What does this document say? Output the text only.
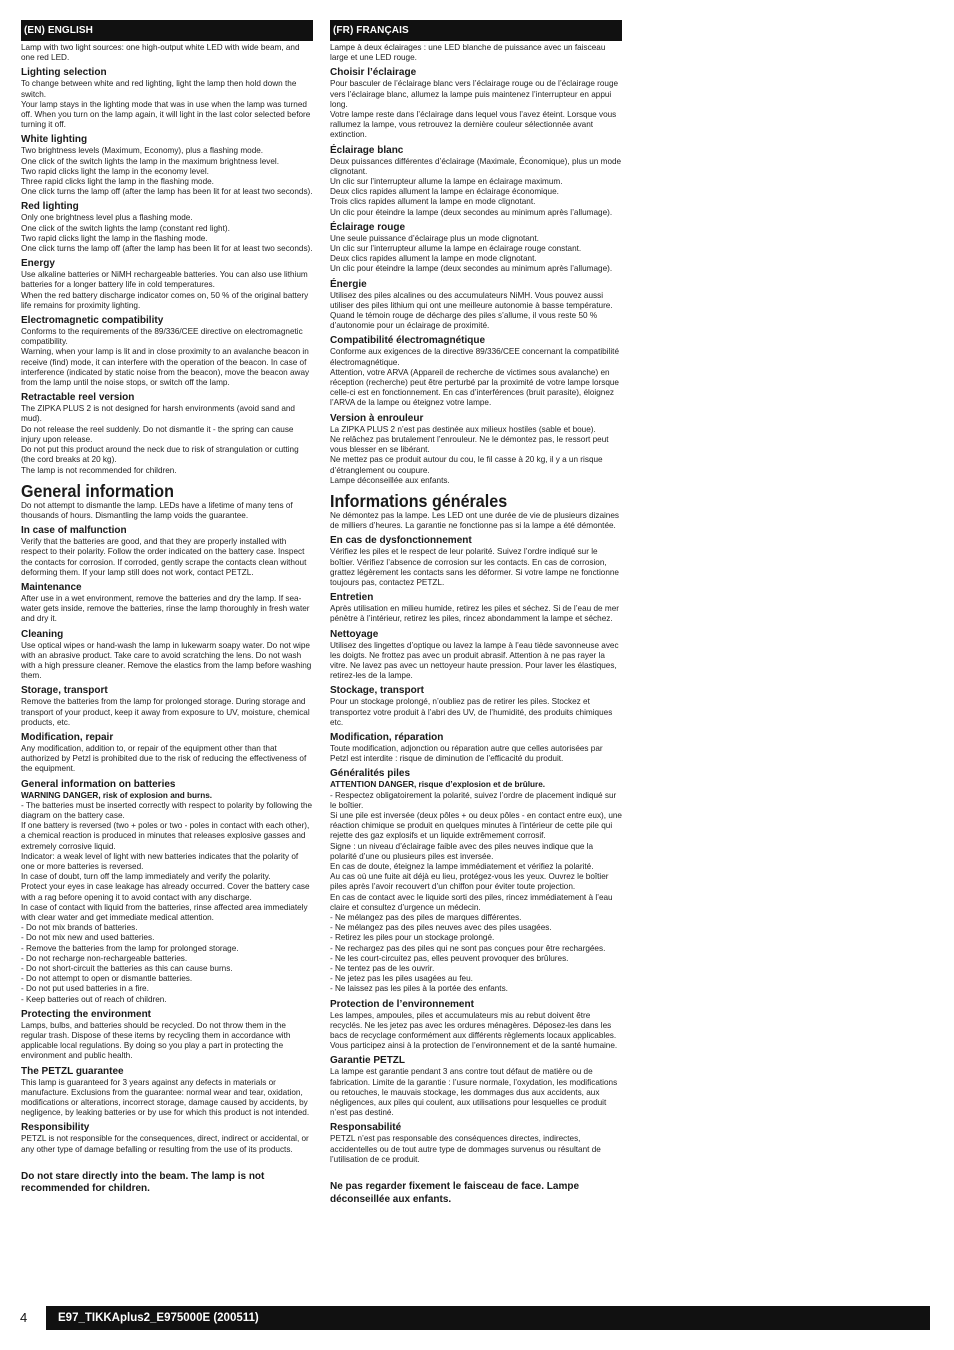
(EN) ENGLISH
Lamp with two light sources: one high-output white LED with wide beam, and one red LED.
Lighting selection
To change between white and red lighting, light the lamp then hold down the switch.
Your lamp stays in the lighting mode that was in use when the lamp was turned off. When you turn on the lamp again, it will light in the last color selected before turning it off.
White lighting
Two brightness levels (Maximum, Economy), plus a flashing mode.
One click of the switch lights the lamp in the maximum brightness level.
Two rapid clicks light the lamp in the economy level.
Three rapid clicks light the lamp in the flashing mode.
One click turns the lamp off (after the lamp has been lit for at least two seconds).
Red lighting
Only one brightness level plus a flashing mode.
One click of the switch lights the lamp (constant red light).
Two rapid clicks light the lamp in the flashing mode.
One click turns the lamp off (after the lamp has been lit for at least two seconds).
Energy
Use alkaline batteries or NiMH rechargeable batteries. You can also use lithium batteries for a longer battery life in cold temperatures.
When the red battery discharge indicator comes on, 50 % of the original battery life remains for proximity lighting.
Electromagnetic compatibility
Conforms to the requirements of the 89/336/CEE directive on electromagnetic compatibility.
Warning, when your lamp is lit and in close proximity to an avalanche beacon in receive (find) mode, it can interfere with the operation of the beacon. In case of interference (indicated by static noise from the beacon), move the beacon away from the lamp until the noise stops, or switch off the lamp.
Retractable reel version
The ZIPKA PLUS 2 is not designed for harsh environments (avoid sand and mud).
Do not release the reel suddenly. Do not dismantle it - the spring can cause injury upon release.
Do not put this product around the neck due to risk of strangulation or cutting (the cord breaks at 20 kg).
The lamp is not recommended for children.
General information
Do not attempt to dismantle the lamp. LEDs have a lifetime of many tens of thousands of hours. Dismantling the lamp voids the guarantee.
In case of malfunction
Verify that the batteries are good, and that they are properly installed with respect to their polarity. Follow the order indicated on the battery case. Inspect the contacts for corrosion. If corroded, gently scrape the contacts clean without deforming them. If your lamp still does not work, contact PETZL.
Maintenance
After use in a wet environment, remove the batteries and dry the lamp. If sea-water gets inside, remove the batteries, rinse the lamp thoroughly in fresh water and dry it.
Cleaning
Use optical wipes or hand-wash the lamp in lukewarm soapy water. Do not wipe with an abrasive product. Take care to avoid scratching the lens. Do not wash with a high pressure cleaner. Remove the elastics from the lamp before washing them.
Storage, transport
Remove the batteries from the lamp for prolonged storage. During storage and transport of your product, keep it away from exposure to UV, moisture, chemical products, etc.
Modification, repair
Any modification, addition to, or repair of the equipment other than that authorized by Petzl is prohibited due to the risk of reducing the effectiveness of the equipment.
General information on batteries
WARNING DANGER, risk of explosion and burns.
- The batteries must be inserted correctly with respect to polarity by following the diagram on the battery case.
If one battery is reversed (two + poles or two - poles in contact with each other), a chemical reaction is produced in minutes that releases explosive gasses and extremely corrosive liquid.
Indicator: a weak level of light with new batteries indicates that the polarity of one or more batteries is reversed.
In case of doubt, turn off the lamp immediately and verify the polarity.
Protect your eyes in case leakage has already occurred. Cover the battery case with a rag before opening it to avoid contact with any discharge.
In case of contact with liquid from the batteries, rinse affected area immediately with clear water and get immediate medical attention.
- Do not mix brands of batteries.
- Do not mix new and used batteries.
- Remove the batteries from the lamp for prolonged storage.
- Do not recharge non-rechargeable batteries.
- Do not short-circuit the batteries as this can cause burns.
- Do not attempt to open or dismantle batteries.
- Do not put used batteries in a fire.
- Keep batteries out of reach of children.
Protecting the environment
Lamps, bulbs, and batteries should be recycled. Do not throw them in the regular trash. Dispose of these items by recycling them in accordance with applicable local regulations. By doing so you play a part in protecting the environment and public health.
The PETZL guarantee
This lamp is guaranteed for 3 years against any defects in materials or manufacture. Exclusions from the guarantee: normal wear and tear, oxidation, modifications or alterations, incorrect storage, damage caused by accidents, by negligence, by leaking batteries or by use for which this product is not intended.
Responsibility
PETZL is not responsible for the consequences, direct, indirect or accidental, or any other type of damage befalling or resulting from the use of its products.
Do not stare directly into the beam. The lamp is not recommended for children.
(FR) FRANÇAIS
Lampe à deux éclairages : une LED blanche de puissance avec un faisceau large et une LED rouge.
Choisir l’éclairage
Pour basculer de l’éclairage blanc vers l’éclairage rouge ou de l’éclairage rouge vers l’éclairage blanc, allumez la lampe puis maintenez l’interrupteur en appui long.
Votre lampe reste dans l’éclairage dans lequel vous l’avez éteint. Lorsque vous rallumez la lampe, vous retrouvez la dernière couleur sélectionnée avant extinction.
Éclairage blanc
Deux puissances différentes d’éclairage (Maximale, Économique), plus un mode clignotant.
Un clic sur l’interrupteur allume la lampe en éclairage maximum.
Deux clics rapides allument la lampe en éclairage économique.
Trois clics rapides allument la lampe en mode clignotant.
Un clic pour éteindre la lampe (deux secondes au minimum après l’allumage).
Éclairage rouge
Une seule puissance d’éclairage plus un mode clignotant.
Un clic sur l’interrupteur allume la lampe en éclairage rouge constant.
Deux clics rapides allument la lampe en mode clignotant.
Un clic pour éteindre la lampe (deux secondes au minimum après l’allumage).
Énergie
Utilisez des piles alcalines ou des accumulateurs NiMH. Vous pouvez aussi utiliser des piles lithium qui ont une meilleure autonomie à basse température.
Quand le témoin rouge de décharge des piles s’allume, il vous reste 50 % d’autonomie pour un éclairage de proximité.
Compatibilité électromagnétique
Conforme aux exigences de la directive 89/336/CEE concernant la compatibilité électromagnétique.
Attention, votre ARVA (Appareil de recherche de victimes sous avalanche) en réception (recherche) peut être perturbé par la proximité de votre lampe lorsque celle-ci est en fonctionnement. En cas d’interférences (bruit parasite), éloignez l’ARVA de la lampe ou éteignez votre lampe.
Version à enrouleur
La ZIPKA PLUS 2 n’est pas destinée aux milieux hostiles (sable et boue).
Ne relâchez pas brutalement l’enrouleur. Ne le démontez pas, le ressort peut vous blesser en se libérant.
Ne mettez pas ce produit autour du cou, le fil casse à 20 kg, il y a un risque d’étranglement ou coupure.
Lampe déconseillée aux enfants.
Informations générales
Ne démontez pas la lampe. Les LED ont une durée de vie de plusieurs dizaines de milliers d’heures. La garantie ne fonctionne pas si la lampe a été démontée.
En cas de dysfonctionnement
Vérifiez les piles et le respect de leur polarité. Suivez l’ordre indiqué sur le boîtier. Vérifiez l’absence de corrosion sur les contacts. En cas de corrosion, grattez légèrement les contacts sans les déformer. Si votre lampe ne fonctionne toujours pas, contactez PETZL.
Entretien
Après utilisation en milieu humide, retirez les piles et séchez. Si de l’eau de mer pénètre à l’intérieur, retirez les piles, rincez abondamment la lampe et séchez.
Nettoyage
Utilisez des lingettes d’optique ou lavez la lampe à l’eau tiède savonneuse avec les doigts. Ne frottez pas avec un produit abrasif. Attention à ne pas rayer la vitre. Ne lavez pas avec un nettoyeur haute pression. Pour laver les élastiques, retirez-les de la lampe.
Stockage, transport
Pour un stockage prolongé, n’oubliez pas de retirer les piles. Stockez et transportez votre produit à l’abri des UV, de l’humidité, des produits chimiques etc.
Modification, réparation
Toute modification, adjonction ou réparation autre que celles autorisées par Petzl est interdite : risque de diminution de l’efficacité du produit.
Généralités piles
ATTENTION DANGER, risque d’explosion et de brûlure.
- Respectez obligatoirement la polarité, suivez l’ordre de placement indiqué sur le boîtier.
Si une pile est inversée (deux pôles + ou deux pôles - en contact entre eux), une réaction chimique se produit en quelques minutes à l’intérieur de cette pile qui rejette des gaz explosifs et un liquide extrêmement corrosif.
Signe : un niveau d’éclairage faible avec des piles neuves indique que la polarité d’une ou plusieurs piles est inversée.
En cas de doute, éteignez la lampe immédiatement et vérifiez la polarité.
Au cas où une fuite ait déjà eu lieu, protégez-vous les yeux. Ouvrez le boîtier piles après l’avoir recouvert d’un chiffon pour éviter toute projection.
En cas de contact avec le liquide sorti des piles, rincez immédiatement à l’eau claire et consultez d’urgence un médecin.
- Ne mélangez pas des piles de marques différentes.
- Ne mélangez pas des piles neuves avec des piles usagées.
- Retirez les piles pour un stockage prolongé.
- Ne rechargez pas des piles qui ne sont pas conçues pour être rechargées.
- Ne les court-circuitez pas, elles peuvent provoquer des brûlures.
- Ne tentez pas de les ouvrir.
- Ne jetez pas les piles usagées au feu.
- Ne laissez pas les piles à la portée des enfants.
Protection de l’environnement
Les lampes, ampoules, piles et accumulateurs mis au rebut doivent être recyclés. Ne les jetez pas avec les ordures ménagères. Déposez-les dans les bacs de recyclage conformément aux différents règlements locaux applicables. Vous participez ainsi à la protection de l’environnement et de la santé humaine.
Garantie PETZL
La lampe est garantie pendant 3 ans contre tout défaut de matière ou de fabrication. Limite de la garantie : l’usure normale, l’oxydation, les modifications ou retouches, le mauvais stockage, les dommages dus aux accidents, aux négligences, aux piles qui coulent, aux utilisations pour lesquelles ce produit n’est pas destiné.
Responsabilité
PETZL n’est pas responsable des conséquences directes, indirectes, accidentelles ou de tout autre type de dommages survenus ou résultant de l’utilisation de ce produit.
Ne pas regarder fixement le faisceau de face. Lampe déconseillée aux enfants.
4	E97_TIKKAplus2_E975000E (200511)
